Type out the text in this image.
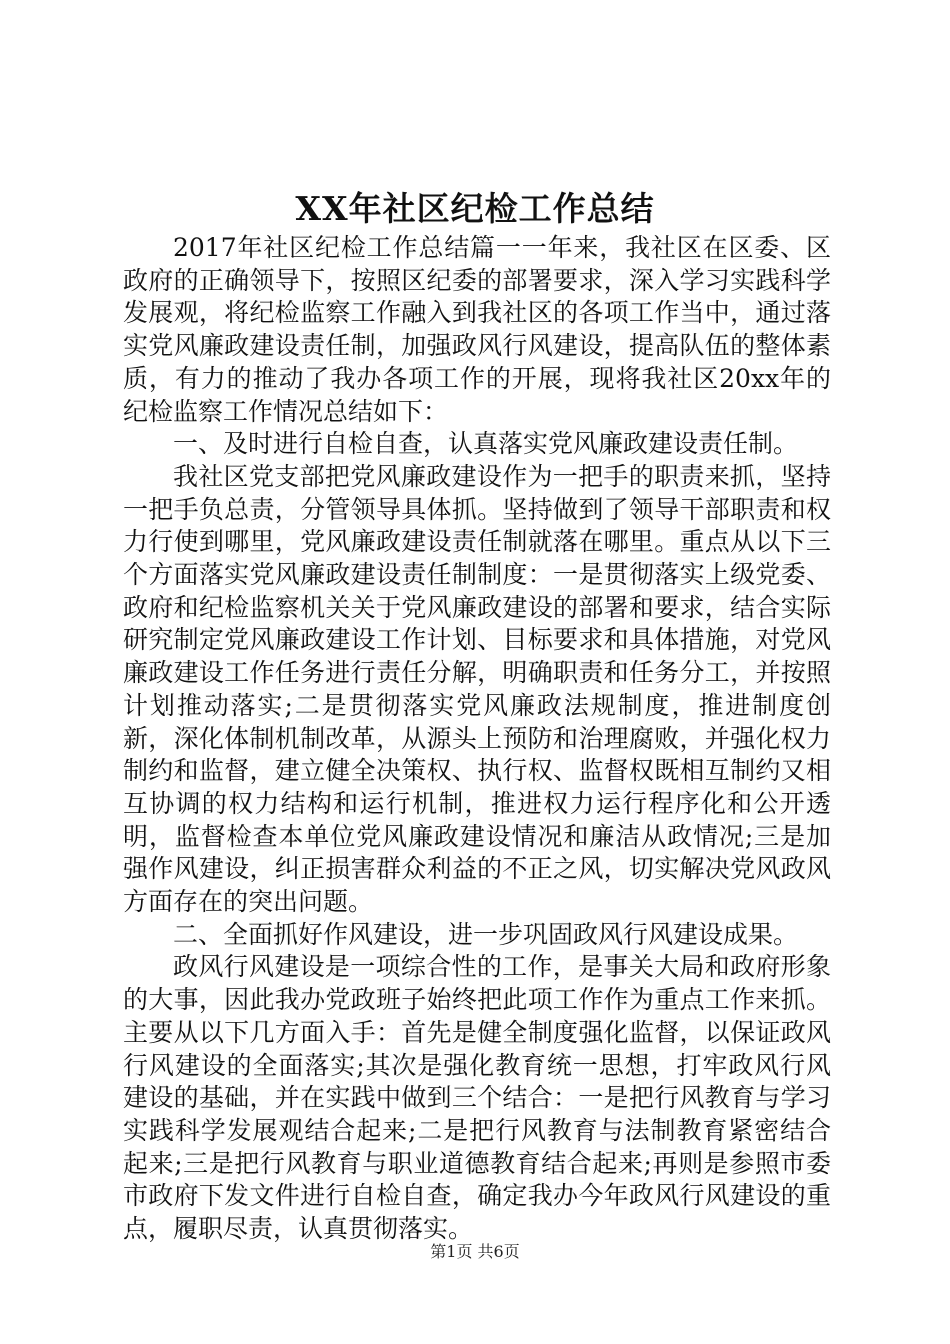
XX年社区纪检工作总结

2017年社区纪检工作总结篇一一年来，我社区在区委、区政府的正确领导下，按照区纪委的部署要求，深入学习实践科学发展观，将纪检监察工作融入到我社区的各项工作当中，通过落实党风廉政建设责任制，加强政风行风建设，提高队伍的整体素质，有力的推动了我办各项工作的开展，现将我社区20xx年的纪检监察工作情况总结如下：

一、及时进行自检自查，认真落实党风廉政建设责任制。

我社区党支部把党风廉政建设作为一把手的职责来抓，坚持一把手负总责，分管领导具体抓。坚持做到了领导干部职责和权力行使到哪里，党风廉政建设责任制就落在哪里。重点从以下三个方面落实党风廉政建设责任制制度：一是贯彻落实上级党委、政府和纪检监察机关关于党风廉政建设的部署和要求，结合实际研究制定党风廉政建设工作计划、目标要求和具体措施，对党风廉政建设工作任务进行责任分解，明确职责和任务分工，并按照计划推动落实;二是贯彻落实党风廉政法规制度，推进制度创新，深化体制机制改革，从源头上预防和治理腐败，并强化权力制约和监督，建立健全决策权、执行权、监督权既相互制约又相互协调的权力结构和运行机制，推进权力运行程序化和公开透明，监督检查本单位党风廉政建设情况和廉洁从政情况;三是加强作风建设，纠正损害群众利益的不正之风，切实解决党风政风方面存在的突出问题。

二、全面抓好作风建设，进一步巩固政风行风建设成果。

政风行风建设是一项综合性的工作，是事关大局和政府形象的大事，因此我办党政班子始终把此项工作作为重点工作来抓。主要从以下几方面入手：首先是健全制度强化监督，以保证政风行风建设的全面落实;其次是强化教育统一思想，打牢政风行风建设的基础，并在实践中做到三个结合：一是把行风教育与学习实践科学发展观结合起来;二是把行风教育与法制教育紧密结合起来;三是把行风教育与职业道德教育结合起来;再则是参照市委市政府下发文件进行自检自查，确定我办今年政风行风建设的重点，履职尽责，认真贯彻落实。

第1页 共6页
